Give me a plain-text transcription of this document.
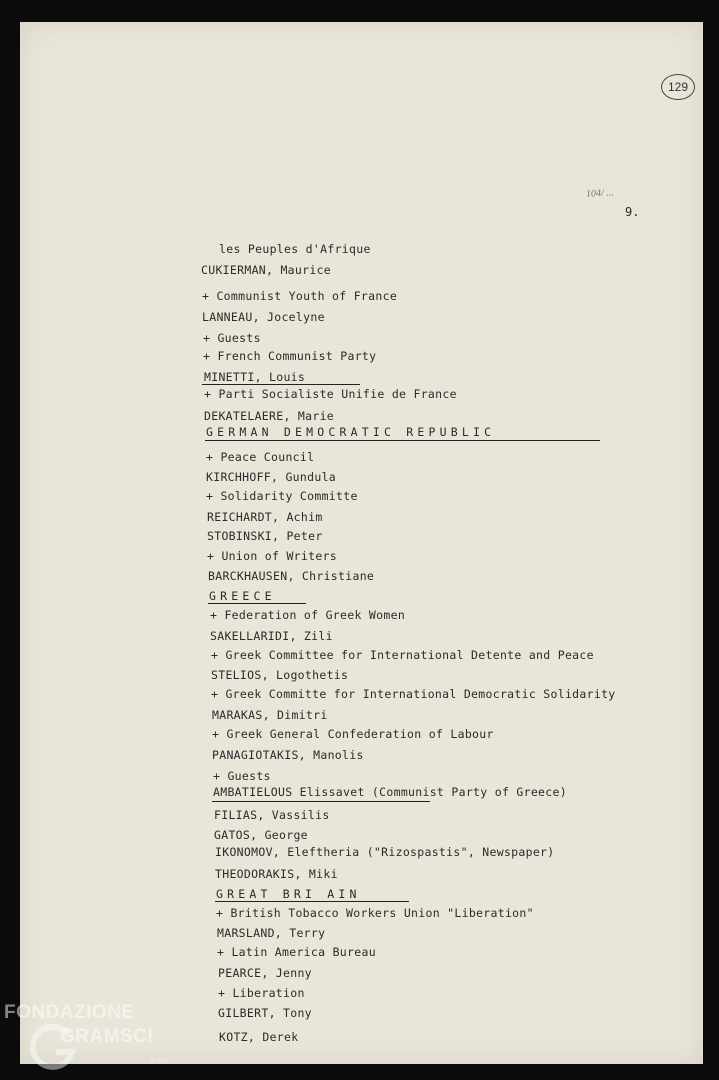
129
104/ ...
9.
les Peuples d'Afrique
CUKIERMAN, Maurice
+ Communist Youth of France
LANNEAU, Jocelyne
+ Guests
+ French Communist Party
MINETTI, Louis
+ Parti Socialiste Unifie de France
DEKATELAERE, Marie
GERMAN DEMOCRATIC REPUBLIC
+ Peace Council
KIRCHHOFF, Gundula
+ Solidarity Committe
REICHARDT, Achim
STOBINSKI, Peter
+ Union of Writers
BARCKHAUSEN, Christiane
GREECE
+ Federation of Greek Women
SAKELLARIDI, Zili
+ Greek Committee for International Detente and Peace
STELIOS, Logothetis
+ Greek Committe for International Democratic Solidarity
MARAKAS, Dimitri
+ Greek General Confederation of Labour
PANAGIOTAKIS, Manolis
+ Guests
AMBATIELOUS Elissavet (Communist Party of Greece)
FILIAS, Vassilis
GATOS, George
IKONOMOV, Eleftheria ("Rizospastis", Newspaper)
THEODORAKIS, Miki
GREAT BRI AIN
+ British Tobacco Workers Union "Liberation"
MARSLAND, Terry
+ Latin America Bureau
PEARCE, Jenny
+ Liberation
GILBERT, Tony
KOTZ, Derek
FONDAZIONE
GRAMSCI
onlus
